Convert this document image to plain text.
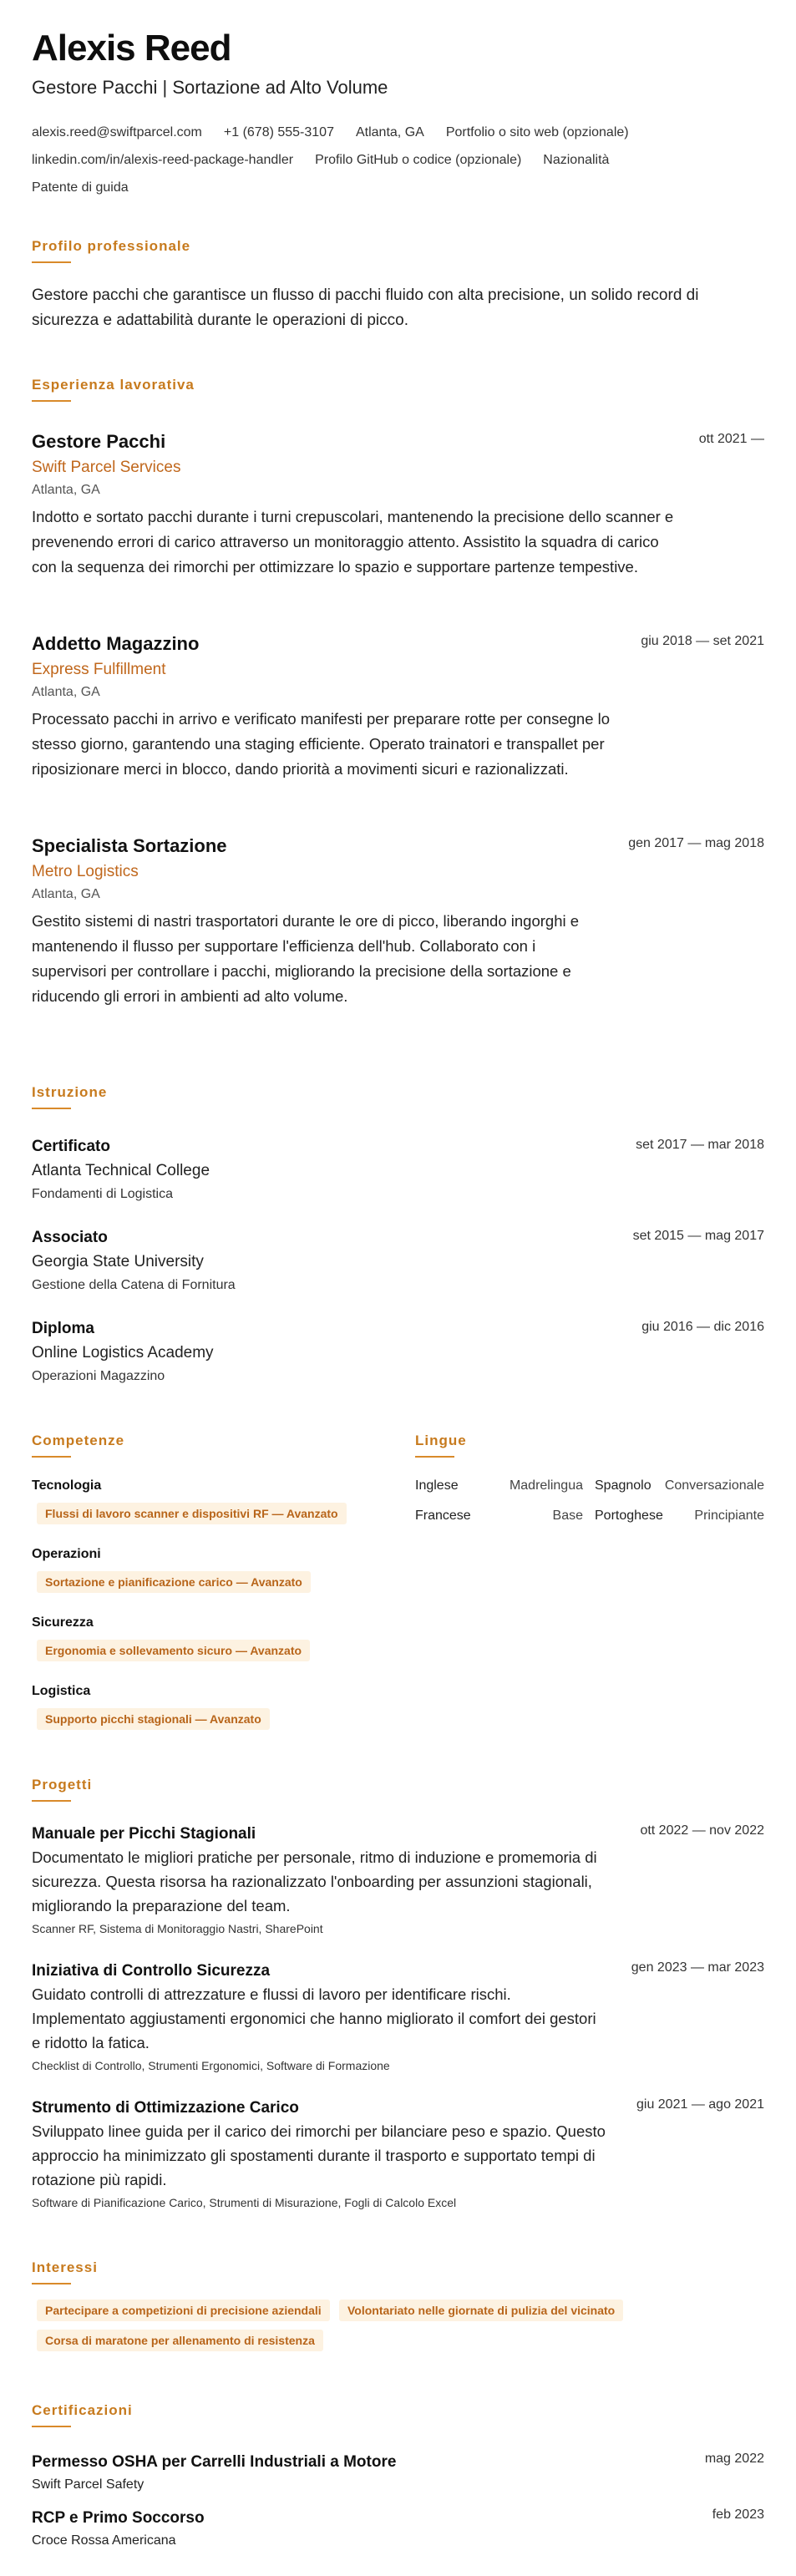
Alexis Reed
Gestore Pacchi | Sortazione ad Alto Volume
alexis.reed@swiftparcel.com +1 (678) 555-3107 Atlanta, GA Portfolio o sito web (opzionale)
linkedin.com/in/alexis-reed-package-handler Profilo GitHub o codice (opzionale) Nazionalità
Patente di guida
Profilo professionale
Gestore pacchi che garantisce un flusso di pacchi fluido con alta precisione, un solido record di sicurezza e adattabilità durante le operazioni di picco.
Esperienza lavorativa
Gestore Pacchi
Swift Parcel Services
Atlanta, GA
Indotto e sortato pacchi durante i turni crepuscolari, mantenendo la precisione dello scanner e prevenendo errori di carico attraverso un monitoraggio attento. Assistito la squadra di carico con la sequenza dei rimorchi per ottimizzare lo spazio e supportare partenze tempestive.
ott 2021 —
Addetto Magazzino
Express Fulfillment
Atlanta, GA
Processato pacchi in arrivo e verificato manifesti per preparare rotte per consegne lo stesso giorno, garantendo una staging efficiente. Operato trainatori e transpallet per riposizionare merci in blocco, dando priorità a movimenti sicuri e razionalizzati.
giu 2018 — set 2021
Specialista Sortazione
Metro Logistics
Atlanta, GA
Gestito sistemi di nastri trasportatori durante le ore di picco, liberando ingorghi e mantenendo il flusso per supportare l'efficienza dell'hub. Collaborato con i supervisori per controllare i pacchi, migliorando la precisione della sortazione e riducendo gli errori in ambienti ad alto volume.
gen 2017 — mag 2018
Istruzione
Certificato
Atlanta Technical College
Fondamenti di Logistica
set 2017 — mar 2018
Associato
Georgia State University
Gestione della Catena di Fornitura
set 2015 — mag 2017
Diploma
Online Logistics Academy
Operazioni Magazzino
giu 2016 — dic 2016
Competenze
Tecnologia
Flussi di lavoro scanner e dispositivi RF — Avanzato
Operazioni
Sortazione e pianificazione carico — Avanzato
Sicurezza
Ergonomia e sollevamento sicuro — Avanzato
Logistica
Supporto picchi stagionali — Avanzato
Lingue
Inglese	Madrelingua Spagnolo	Conversazionale
Francese	Base Portoghese	Principiante
Progetti
Manuale per Picchi Stagionali
Documentato le migliori pratiche per personale, ritmo di induzione e promemoria di sicurezza. Questa risorsa ha razionalizzato l'onboarding per assunzioni stagionali, migliorando la preparazione del team.
Scanner RF, Sistema di Monitoraggio Nastri, SharePoint
ott 2022 — nov 2022
Iniziativa di Controllo Sicurezza
Guidato controlli di attrezzature e flussi di lavoro per identificare rischi. Implementato aggiustamenti ergonomici che hanno migliorato il comfort dei gestori e ridotto la fatica.
Checklist di Controllo, Strumenti Ergonomici, Software di Formazione
gen 2023 — mar 2023
Strumento di Ottimizzazione Carico
Sviluppato linee guida per il carico dei rimorchi per bilanciare peso e spazio. Questo approccio ha minimizzato gli spostamenti durante il trasporto e supportato tempi di rotazione più rapidi.
Software di Pianificazione Carico, Strumenti di Misurazione, Fogli di Calcolo Excel
giu 2021 — ago 2021
Interessi
Partecipare a competizioni di precisione aziendali	Volontariato nelle giornate di pulizia del vicinato
Corsa di maratone per allenamento di resistenza
Certificazioni
Permesso OSHA per Carrelli Industriali a Motore
Swift Parcel Safety
mag 2022
RCP e Primo Soccorso
Croce Rossa Americana
feb 2023
